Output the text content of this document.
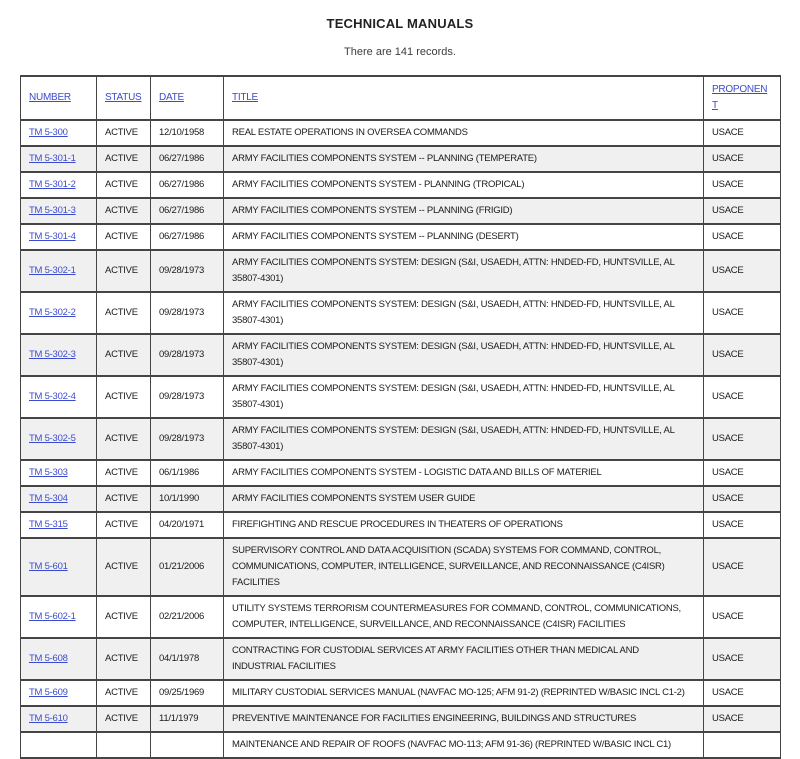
TECHNICAL MANUALS

There are 141 records.

NUMBER	STATUS	DATE	TITLE	PROPONENT
TM 5-300	ACTIVE	12/10/1958	REAL ESTATE OPERATIONS IN OVERSEA COMMANDS	USACE
TM 5-301-1	ACTIVE	06/27/1986	ARMY FACILITIES COMPONENTS SYSTEM -- PLANNING (TEMPERATE)	USACE
TM 5-301-2	ACTIVE	06/27/1986	ARMY FACILITIES COMPONENTS SYSTEM - PLANNING (TROPICAL)	USACE
TM 5-301-3	ACTIVE	06/27/1986	ARMY FACILITIES COMPONENTS SYSTEM -- PLANNING (FRIGID)	USACE
TM 5-301-4	ACTIVE	06/27/1986	ARMY FACILITIES COMPONENTS SYSTEM -- PLANNING (DESERT)	USACE
TM 5-302-1	ACTIVE	09/28/1973	ARMY FACILITIES COMPONENTS SYSTEM: DESIGN (S&I, USAEDH, ATTN: HNDED-FD, HUNTSVILLE, AL 35807-4301)	USACE
TM 5-302-2	ACTIVE	09/28/1973	ARMY FACILITIES COMPONENTS SYSTEM: DESIGN (S&I, USAEDH, ATTN: HNDED-FD, HUNTSVILLE, AL 35807-4301)	USACE
TM 5-302-3	ACTIVE	09/28/1973	ARMY FACILITIES COMPONENTS SYSTEM: DESIGN (S&I, USAEDH, ATTN: HNDED-FD, HUNTSVILLE, AL 35807-4301)	USACE
TM 5-302-4	ACTIVE	09/28/1973	ARMY FACILITIES COMPONENTS SYSTEM: DESIGN (S&I, USAEDH, ATTN: HNDED-FD, HUNTSVILLE, AL 35807-4301)	USACE
TM 5-302-5	ACTIVE	09/28/1973	ARMY FACILITIES COMPONENTS SYSTEM: DESIGN (S&I, USAEDH, ATTN: HNDED-FD, HUNTSVILLE, AL 35807-4301)	USACE
TM 5-303	ACTIVE	06/1/1986	ARMY FACILITIES COMPONENTS SYSTEM - LOGISTIC DATA AND BILLS OF MATERIEL	USACE
TM 5-304	ACTIVE	10/1/1990	ARMY FACILITIES COMPONENTS SYSTEM USER GUIDE	USACE
TM 5-315	ACTIVE	04/20/1971	FIREFIGHTING AND RESCUE PROCEDURES IN THEATERS OF OPERATIONS	USACE
TM 5-601	ACTIVE	01/21/2006	SUPERVISORY CONTROL AND DATA ACQUISITION (SCADA) SYSTEMS FOR COMMAND, CONTROL, COMMUNICATIONS, COMPUTER, INTELLIGENCE, SURVEILLANCE, AND RECONNAISSANCE (C4ISR) FACILITIES	USACE
TM 5-602-1	ACTIVE	02/21/2006	UTILITY SYSTEMS TERRORISM COUNTERMEASURES FOR COMMAND, CONTROL, COMMUNICATIONS, COMPUTER, INTELLIGENCE, SURVEILLANCE, AND RECONNAISSANCE (C4ISR) FACILITIES	USACE
TM 5-608	ACTIVE	04/1/1978	CONTRACTING FOR CUSTODIAL SERVICES AT ARMY FACILITIES OTHER THAN MEDICAL AND INDUSTRIAL FACILITIES	USACE
TM 5-609	ACTIVE	09/25/1969	MILITARY CUSTODIAL SERVICES MANUAL (NAVFAC MO-125; AFM 91-2) (REPRINTED W/BASIC INCL C1-2)	USACE
TM 5-610	ACTIVE	11/1/1979	PREVENTIVE MAINTENANCE FOR FACILITIES ENGINEERING, BUILDINGS AND STRUCTURES	USACE
			MAINTENANCE AND REPAIR OF ROOFS (NAVFAC MO-113; AFM 91-36) (REPRINTED W/BASIC INCL C1)	
